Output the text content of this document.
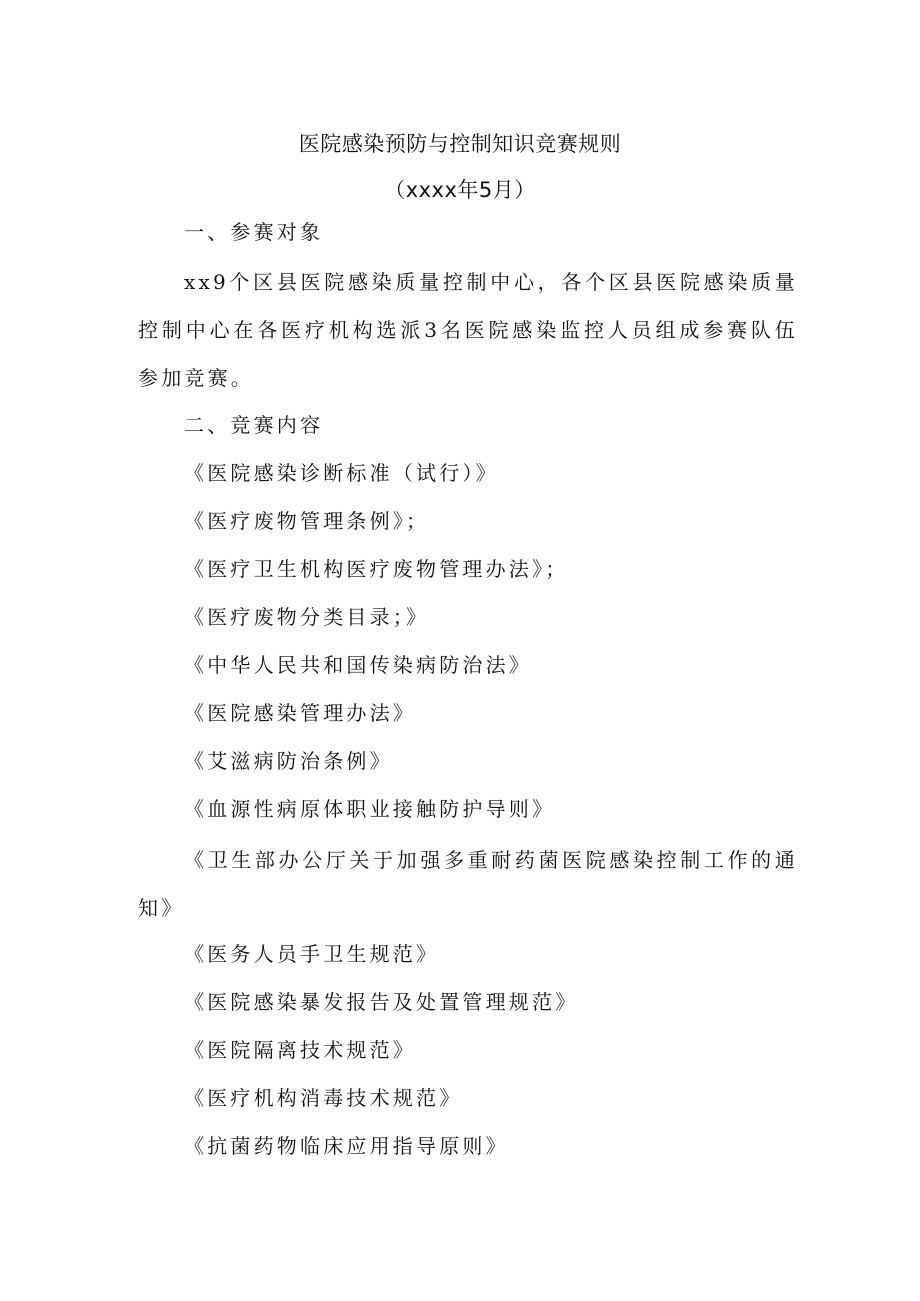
医院感染预防与控制知识竞赛规则
（xxxx年5月）
一、参赛对象
xx9个区县医院感染质量控制中心，各个区县医院感染质量控制中心在各医疗机构选派3名医院感染监控人员组成参赛队伍参加竞赛。
二、竞赛内容
《医院感染诊断标准（试行）》
《医疗废物管理条例》；
《医疗卫生机构医疗废物管理办法》；
《医疗废物分类目录；》
《中华人民共和国传染病防治法》
《医院感染管理办法》
《艾滋病防治条例》
《血源性病原体职业接触防护导则》
《卫生部办公厅关于加强多重耐药菌医院感染控制工作的通知》
《医务人员手卫生规范》
《医院感染暴发报告及处置管理规范》
《医院隔离技术规范》
《医疗机构消毒技术规范》
《抗菌药物临床应用指导原则》
